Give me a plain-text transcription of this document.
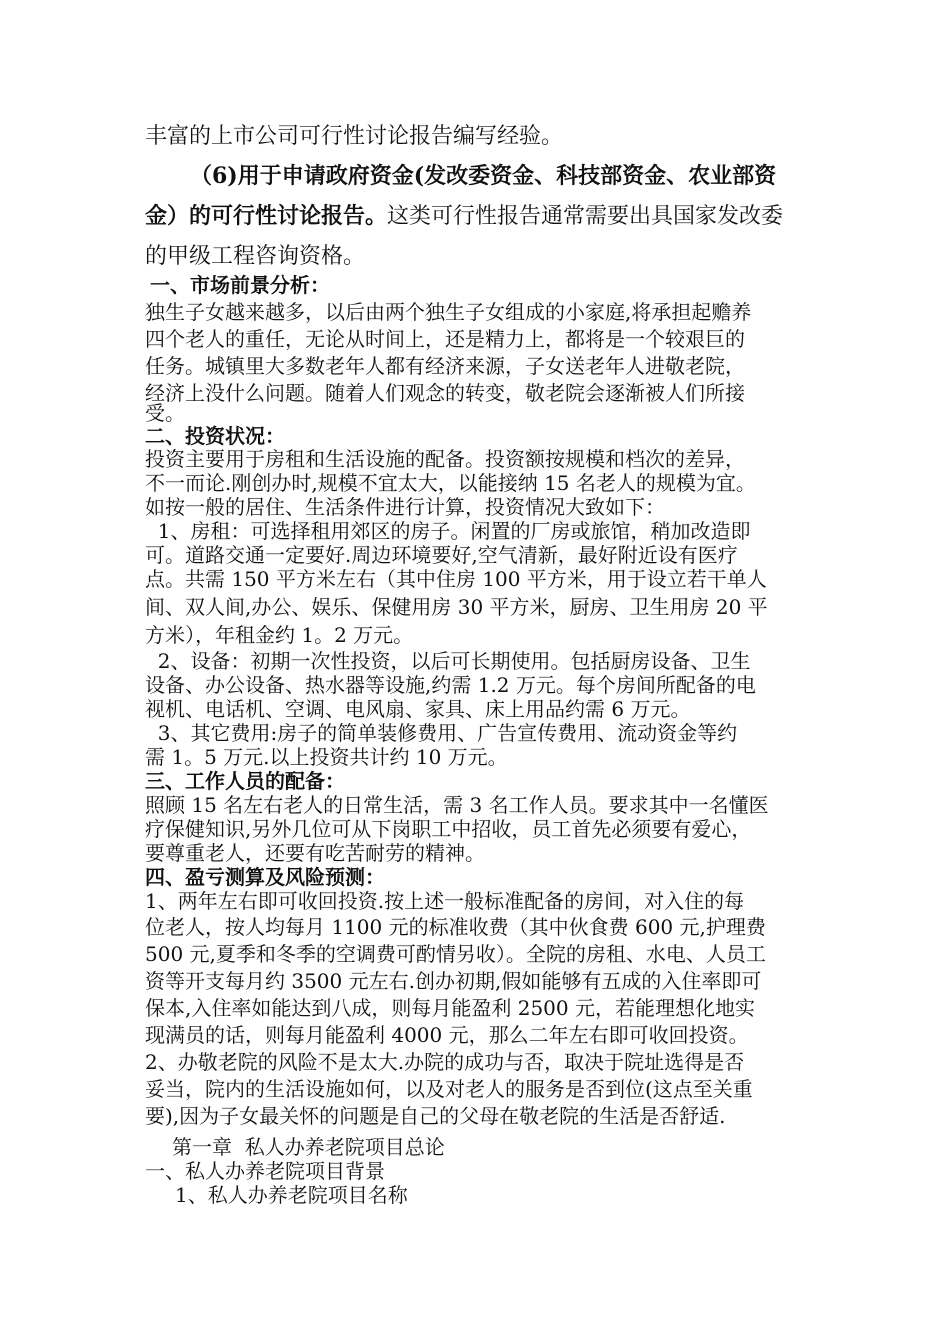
丰富的上市公司可行性讨论报告编写经验。
（6)用于申请政府资金(发改委资金、科技部资金、农业部资
金）的可行性讨论报告。这类可行性报告通常需要出具国家发改委
的甲级工程咨询资格。
一、市场前景分析：
独生子女越来越多，以后由两个独生子女组成的小家庭,将承担起赡养
四个老人的重任，无论从时间上，还是精力上，都将是一个较艰巨的
任务。城镇里大多数老年人都有经济来源，子女送老年人进敬老院，
经济上没什么问题。随着人们观念的转变，敬老院会逐渐被人们所接
受。
二、投资状况：
投资主要用于房租和生活设施的配备。投资额按规模和档次的差异，
不一而论.刚创办时,规模不宜太大，以能接纳 15 名老人的规模为宜。
如按一般的居住、生活条件进行计算，投资情况大致如下：
1、房租：可选择租用郊区的房子。闲置的厂房或旅馆，稍加改造即
可。道路交通一定要好.周边环境要好,空气清新，最好附近设有医疗
点。共需 150 平方米左右（其中住房 100 平方米，用于设立若干单人
间、双人间,办公、娱乐、保健用房 30 平方米，厨房、卫生用房 20 平
方米），年租金约 1。2 万元。
2、设备：初期一次性投资，以后可长期使用。包括厨房设备、卫生
设备、办公设备、热水器等设施,约需 1.2 万元。每个房间所配备的电
视机、电话机、空调、电风扇、家具、床上用品约需 6 万元。
3、其它费用:房子的简单装修费用、广告宣传费用、流动资金等约
需 1。5 万元.以上投资共计约 10 万元。
三、工作人员的配备：
照顾 15 名左右老人的日常生活，需 3 名工作人员。要求其中一名懂医
疗保健知识,另外几位可从下岗职工中招收，员工首先必须要有爱心，
要尊重老人，还要有吃苦耐劳的精神。
四、盈亏测算及风险预测：
1、两年左右即可收回投资.按上述一般标准配备的房间，对入住的每
位老人，按人均每月 1100 元的标准收费（其中伙食费 600 元,护理费
500 元,夏季和冬季的空调费可酌情另收）。全院的房租、水电、人员工
资等开支每月约 3500 元左右.创办初期,假如能够有五成的入住率即可
保本,入住率如能达到八成，则每月能盈利 2500 元，若能理想化地实
现满员的话，则每月能盈利 4000 元，那么二年左右即可收回投资。
2、办敬老院的风险不是太大.办院的成功与否，取决于院址选得是否
妥当，院内的生活设施如何，以及对老人的服务是否到位(这点至关重
要),因为子女最关怀的问题是自己的父母在敬老院的生活是否舒适.
第一章  私人办养老院项目总论
一、私人办养老院项目背景
1、私人办养老院项目名称
